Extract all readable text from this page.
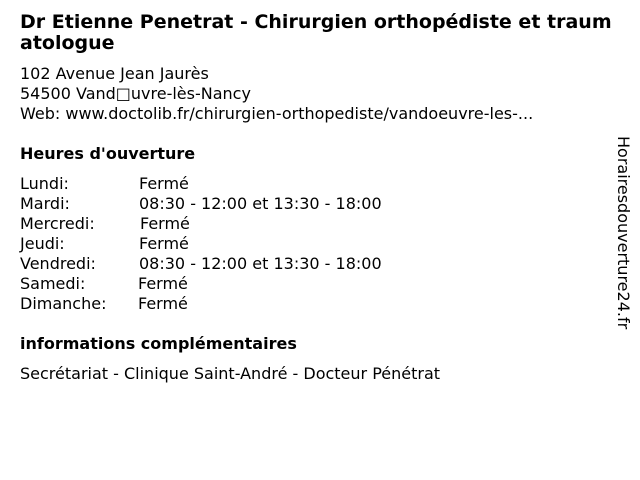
Dr Etienne Penetrat - Chirurgien orthopédiste et traumatologue
102 Avenue Jean Jaurès
54500 Vand□uvre-lès-Nancy
Web: www.doctolib.fr/chirurgien-orthopediste/vandoeuvre-les-...
Heures d'ouverture
Lundi:	Fermé
Mardi:	08:30 - 12:00 et 13:30 - 18:00
Mercredi:	Fermé
Jeudi:	Fermé
Vendredi:	08:30 - 12:00 et 13:30 - 18:00
Samedi:	Fermé
Dimanche: Fermé
informations complémentaires
Secrétariat - Clinique Saint-André - Docteur Pénétrat
Horairesdouverture24.fr
